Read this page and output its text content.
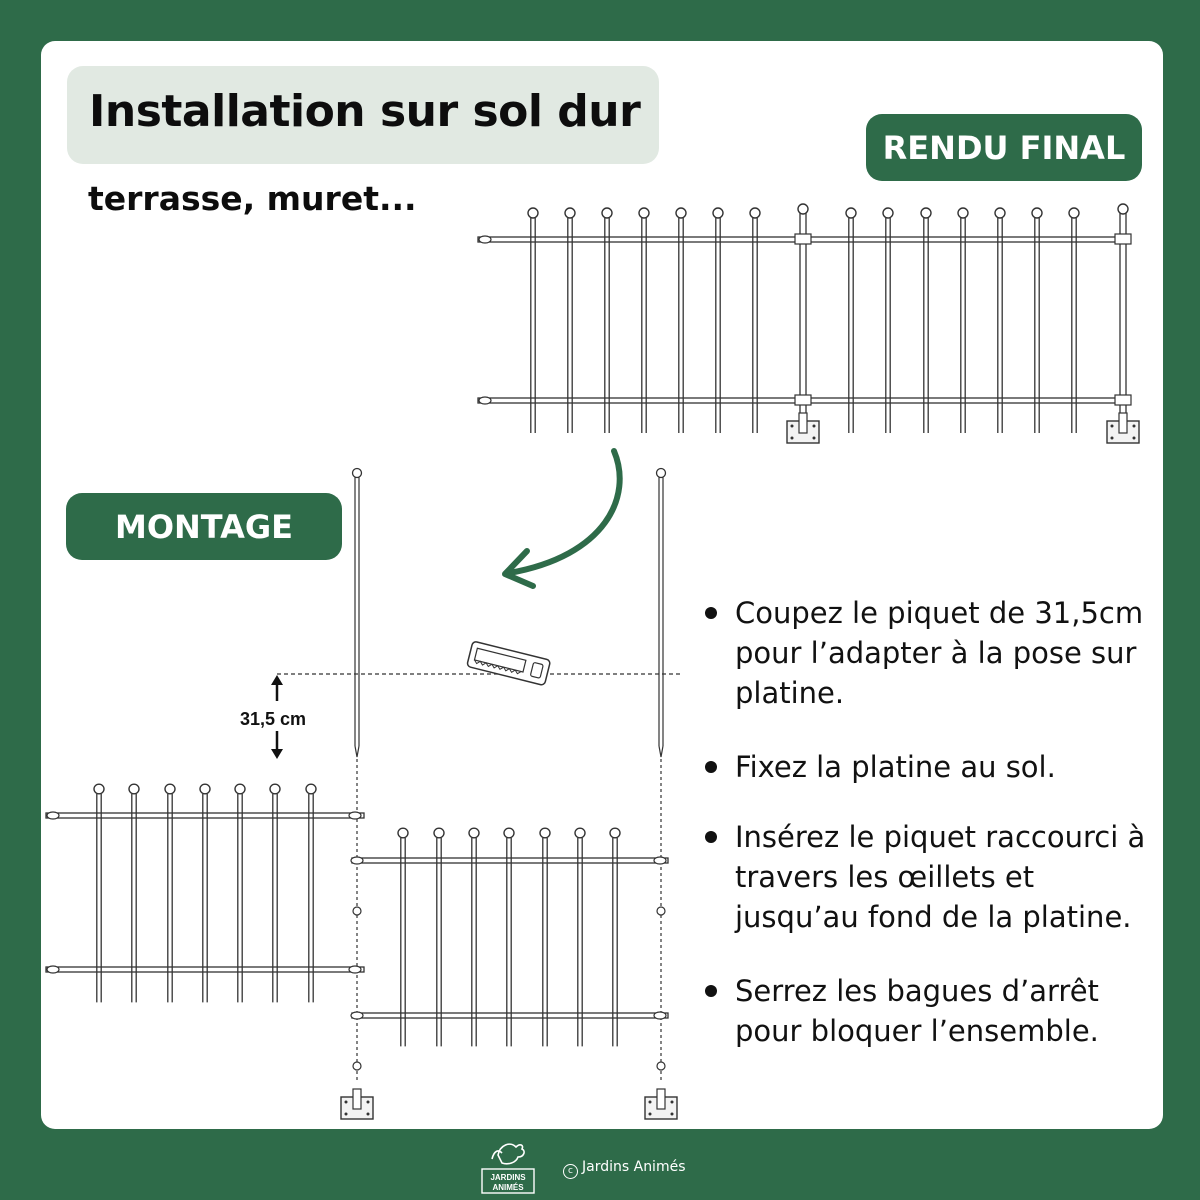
31,5 cm
Installation sur sol dur
terrasse, muret...
RENDU FINAL
MONTAGE
Coupez le piquet de 31,5cm pour l’adapter à la pose sur platine.
Fixez la platine au sol.
Insérez le piquet raccourci à travers les œillets et jusqu’au fond de la platine.
Serrez les bagues d’arrêt pour bloquer l’ensemble.
JARDINS
ANIMÉS
c Jardins Animés
